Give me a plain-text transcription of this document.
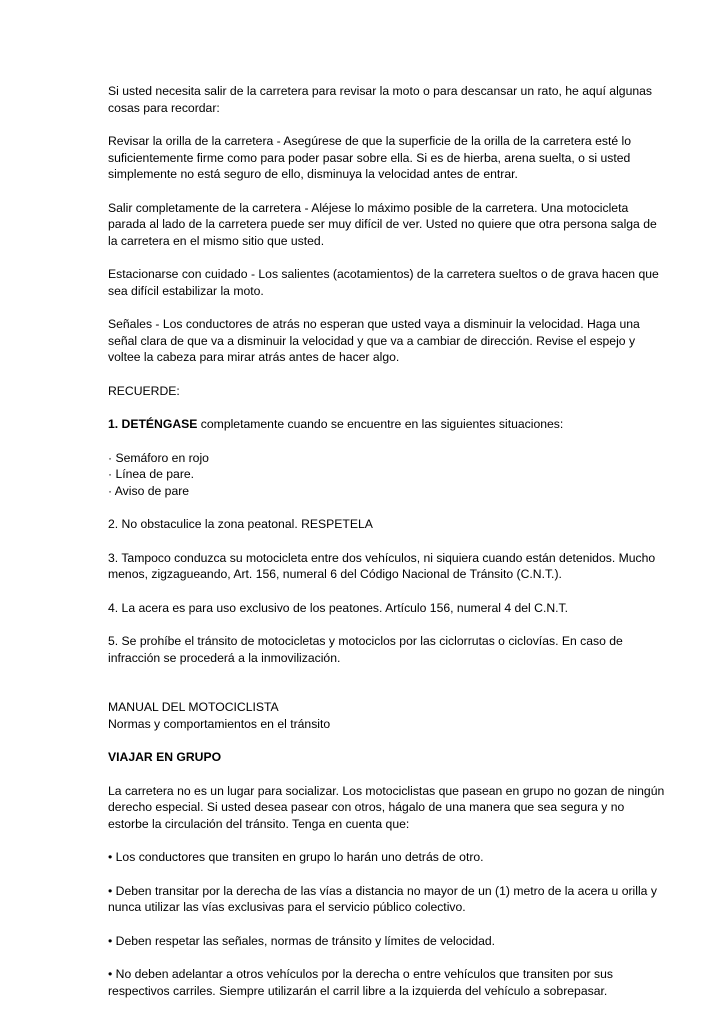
Si usted necesita salir de la carretera para revisar la moto o para descansar un rato, he aquí algunas cosas para recordar:

Revisar la orilla de la carretera - Asegúrese de que la superficie de la orilla de la carretera esté lo suficientemente firme como para poder pasar sobre ella. Si es de hierba, arena suelta, o si usted simplemente no está seguro de ello, disminuya la velocidad antes de entrar.

Salir completamente de la carretera - Aléjese lo máximo posible de la carretera. Una motocicleta parada al lado de la carretera puede ser muy difícil de ver. Usted no quiere que otra persona salga de la carretera en el mismo sitio que usted.

Estacionarse con cuidado - Los salientes (acotamientos) de la carretera sueltos o de grava hacen que sea difícil estabilizar la moto.

Señales - Los conductores de atrás no esperan que usted vaya a disminuir la velocidad. Haga una señal clara de que va a disminuir la velocidad y que va a cambiar de dirección. Revise el espejo y voltee la cabeza para mirar atrás antes de hacer algo.

RECUERDE:

1. DETÉNGASE completamente cuando se encuentre en las siguientes situaciones:

· Semáforo en rojo
· Línea de pare.
· Aviso de pare

2. No obstaculice la zona peatonal. RESPETELA

3. Tampoco conduzca su motocicleta entre dos vehículos, ni siquiera cuando están detenidos. Mucho menos, zigzagueando, Art. 156, numeral 6 del Código Nacional de Tránsito (C.N.T.).

4. La acera es para uso exclusivo de los peatones. Artículo 156, numeral 4 del C.N.T.

5. Se prohíbe el tránsito de motocicletas y motociclos por las ciclorrutas o ciclovías. En caso de infracción se procederá a la inmovilización.

MANUAL DEL MOTOCICLISTA
Normas y comportamientos en el tránsito

VIAJAR EN GRUPO

La carretera no es un lugar para socializar. Los motociclistas que pasean en grupo no gozan de ningún derecho especial. Si usted desea pasear con otros, hágalo de una manera que sea segura y no estorbe la circulación del tránsito. Tenga en cuenta que:

• Los conductores que transiten en grupo lo harán uno detrás de otro.

• Deben transitar por la derecha de las vías a distancia no mayor de un (1) metro de la acera u orilla y nunca utilizar las vías exclusivas para el servicio público colectivo.

• Deben respetar las señales, normas de tránsito y límites de velocidad.

• No deben adelantar a otros vehículos por la derecha o entre vehículos que transiten por sus respectivos carriles. Siempre utilizarán el carril libre a la izquierda del vehículo a sobrepasar.
